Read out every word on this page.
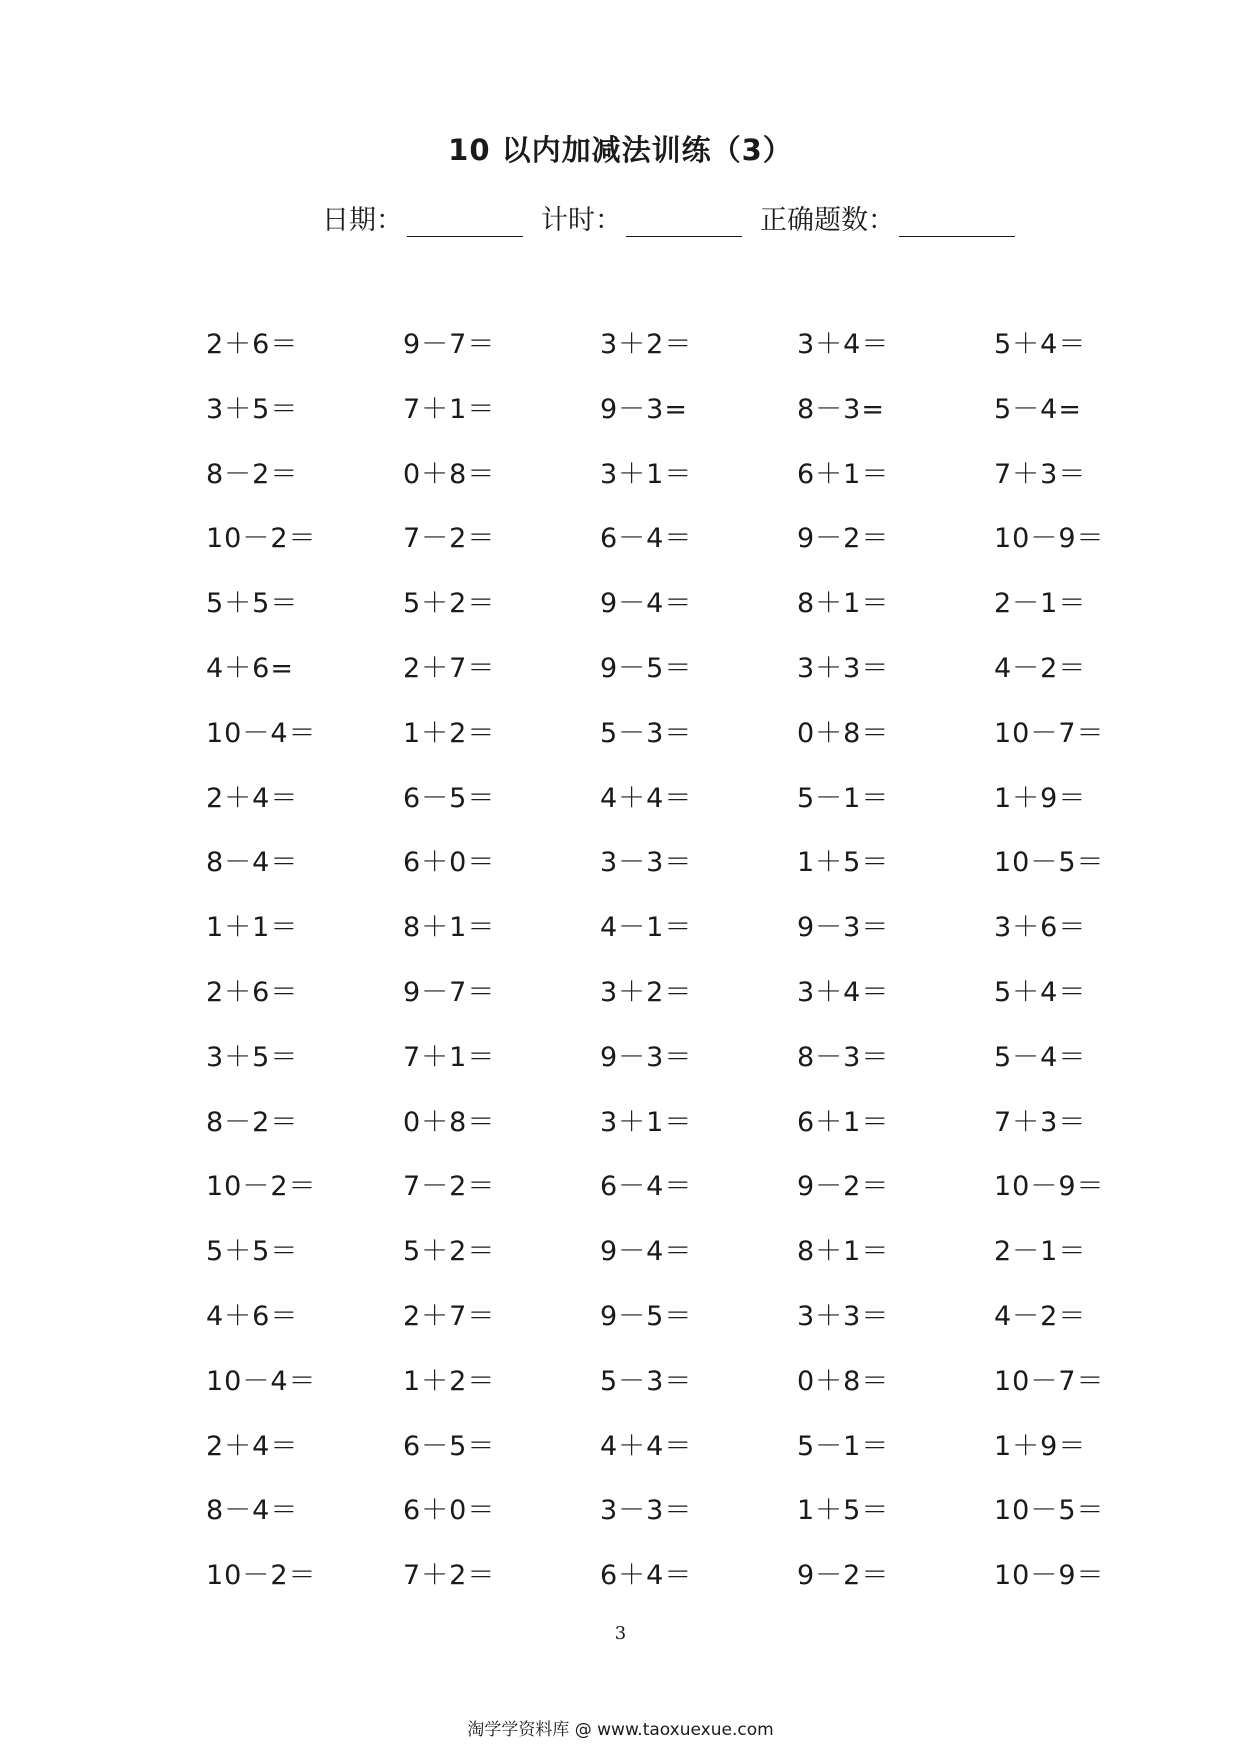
10 以内加减法训练（3）
日期：	计时：	正确题数：
2＋6＝	9－7＝	3＋2＝	3＋4＝	5＋4＝
3＋5＝	7＋1＝	9－3=	8－3=	5－4=
8－2＝	0＋8＝	3＋1＝	6＋1＝	7＋3＝
10－2＝	7－2＝	6－4＝	9－2＝	10－9＝
5＋5＝	5＋2＝	9－4＝	8＋1＝	2－1＝
4＋6=	2＋7＝	9－5＝	3＋3＝	4－2＝
10－4＝	1＋2＝	5－3＝	0＋8＝	10－7＝
2＋4＝	6－5＝	4＋4＝	5－1＝	1＋9＝
8－4＝	6＋0＝	3－3＝	1＋5＝	10－5＝
1＋1＝	8＋1＝	4－1＝	9－3＝	3＋6＝
2＋6＝	9－7＝	3＋2＝	3＋4＝	5＋4＝
3＋5＝	7＋1＝	9－3＝	8－3＝	5－4＝
8－2＝	0＋8＝	3＋1＝	6＋1＝	7＋3＝
10－2＝	7－2＝	6－4＝	9－2＝	10－9＝
5＋5＝	5＋2＝	9－4＝	8＋1＝	2－1＝
4＋6＝	2＋7＝	9－5＝	3＋3＝	4－2＝
10－4＝	1＋2＝	5－3＝	0＋8＝	10－7＝
2＋4＝	6－5＝	4＋4＝	5－1＝	1＋9＝
8－4＝	6＋0＝	3－3＝	1＋5＝	10－5＝
10－2＝	7＋2＝	6＋4＝	9－2＝	10－9＝
3
淘学学资料库 @ www.taoxuexue.com
